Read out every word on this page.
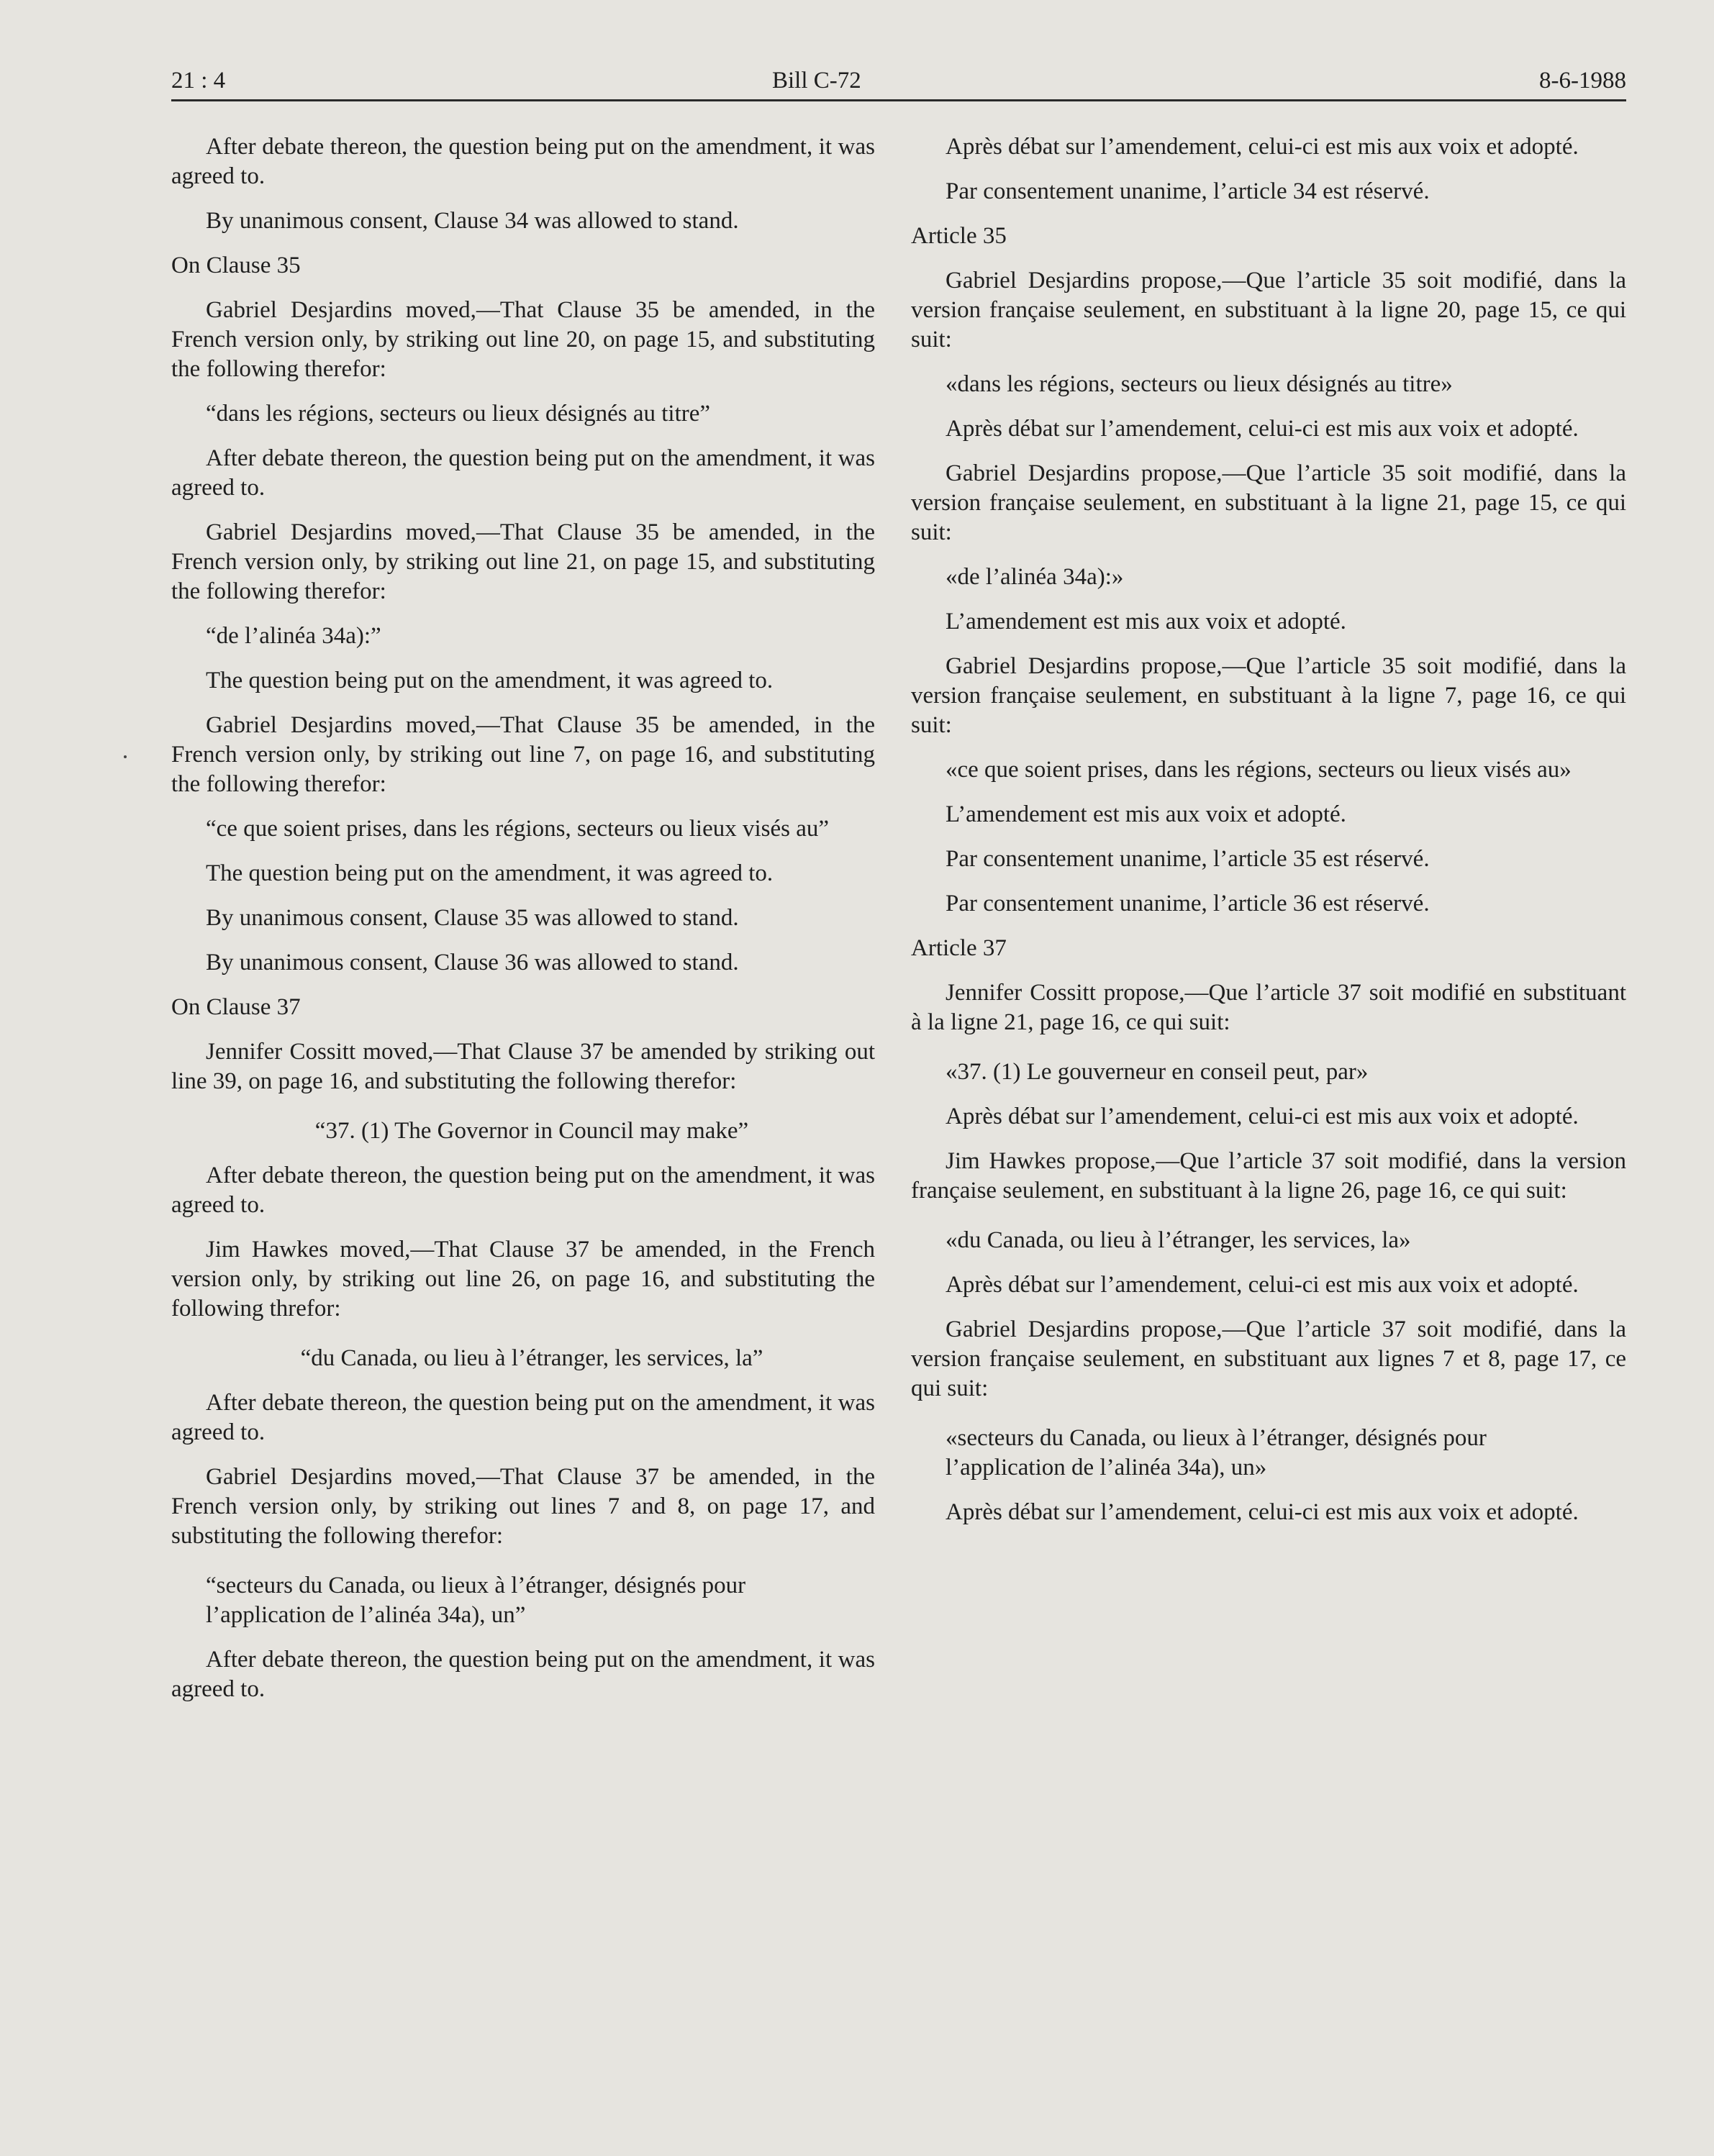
21 : 4	Bill C-72	8-6-1988

After debate thereon, the question being put on the amendment, it was agreed to.

By unanimous consent, Clause 34 was allowed to stand.

On Clause 35

Gabriel Desjardins moved,—That Clause 35 be amended, in the French version only, by striking out line 20, on page 15, and substituting the following therefor:

“dans les régions, secteurs ou lieux désignés au titre”

After debate thereon, the question being put on the amendment, it was agreed to.

Gabriel Desjardins moved,—That Clause 35 be amended, in the French version only, by striking out line 21, on page 15, and substituting the following therefor:

“de l’alinéa 34a):”

The question being put on the amendment, it was agreed to.

Gabriel Desjardins moved,—That Clause 35 be amended, in the French version only, by striking out line 7, on page 16, and substituting the following therefor:

“ce que soient prises, dans les régions, secteurs ou lieux visés au”

The question being put on the amendment, it was agreed to.

By unanimous consent, Clause 35 was allowed to stand.

By unanimous consent, Clause 36 was allowed to stand.

On Clause 37

Jennifer Cossitt moved,—That Clause 37 be amended by striking out line 39, on page 16, and substituting the following therefor:

“37. (1) The Governor in Council may make”

After debate thereon, the question being put on the amendment, it was agreed to.

Jim Hawkes moved,—That Clause 37 be amended, in the French version only, by striking out line 26, on page 16, and substituting the following threfor:

“du Canada, ou lieu à l’étranger, les services, la”

After debate thereon, the question being put on the amendment, it was agreed to.

Gabriel Desjardins moved,—That Clause 37 be amended, in the French version only, by striking out lines 7 and 8, on page 17, and substituting the following therefor:

“secteurs du Canada, ou lieux à l’étranger, désignés pour l’application de l’alinéa 34a), un”

After debate thereon, the question being put on the amendment, it was agreed to.

Après débat sur l’amendement, celui-ci est mis aux voix et adopté.

Par consentement unanime, l’article 34 est réservé.

Article 35

Gabriel Desjardins propose,—Que l’article 35 soit modifié, dans la version française seulement, en substituant à la ligne 20, page 15, ce qui suit:

«dans les régions, secteurs ou lieux désignés au titre»

Après débat sur l’amendement, celui-ci est mis aux voix et adopté.

Gabriel Desjardins propose,—Que l’article 35 soit modifié, dans la version française seulement, en substituant à la ligne 21, page 15, ce qui suit:

«de l’alinéa 34a):»

L’amendement est mis aux voix et adopté.

Gabriel Desjardins propose,—Que l’article 35 soit modifié, dans la version française seulement, en substituant à la ligne 7, page 16, ce qui suit:

«ce que soient prises, dans les régions, secteurs ou lieux visés au»

L’amendement est mis aux voix et adopté.

Par consentement unanime, l’article 35 est réservé.

Par consentement unanime, l’article 36 est réservé.

Article 37

Jennifer Cossitt propose,—Que l’article 37 soit modifié en substituant à la ligne 21, page 16, ce qui suit:

«37. (1) Le gouverneur en conseil peut, par»

Après débat sur l’amendement, celui-ci est mis aux voix et adopté.

Jim Hawkes propose,—Que l’article 37 soit modifié, dans la version française seulement, en substituant à la ligne 26, page 16, ce qui suit:

«du Canada, ou lieu à l’étranger, les services, la»

Après débat sur l’amendement, celui-ci est mis aux voix et adopté.

Gabriel Desjardins propose,—Que l’article 37 soit modifié, dans la version française seulement, en substituant aux lignes 7 et 8, page 17, ce qui suit:

«secteurs du Canada, ou lieux à l’étranger, désignés pour l’application de l’alinéa 34a), un»

Après débat sur l’amendement, celui-ci est mis aux voix et adopté.
